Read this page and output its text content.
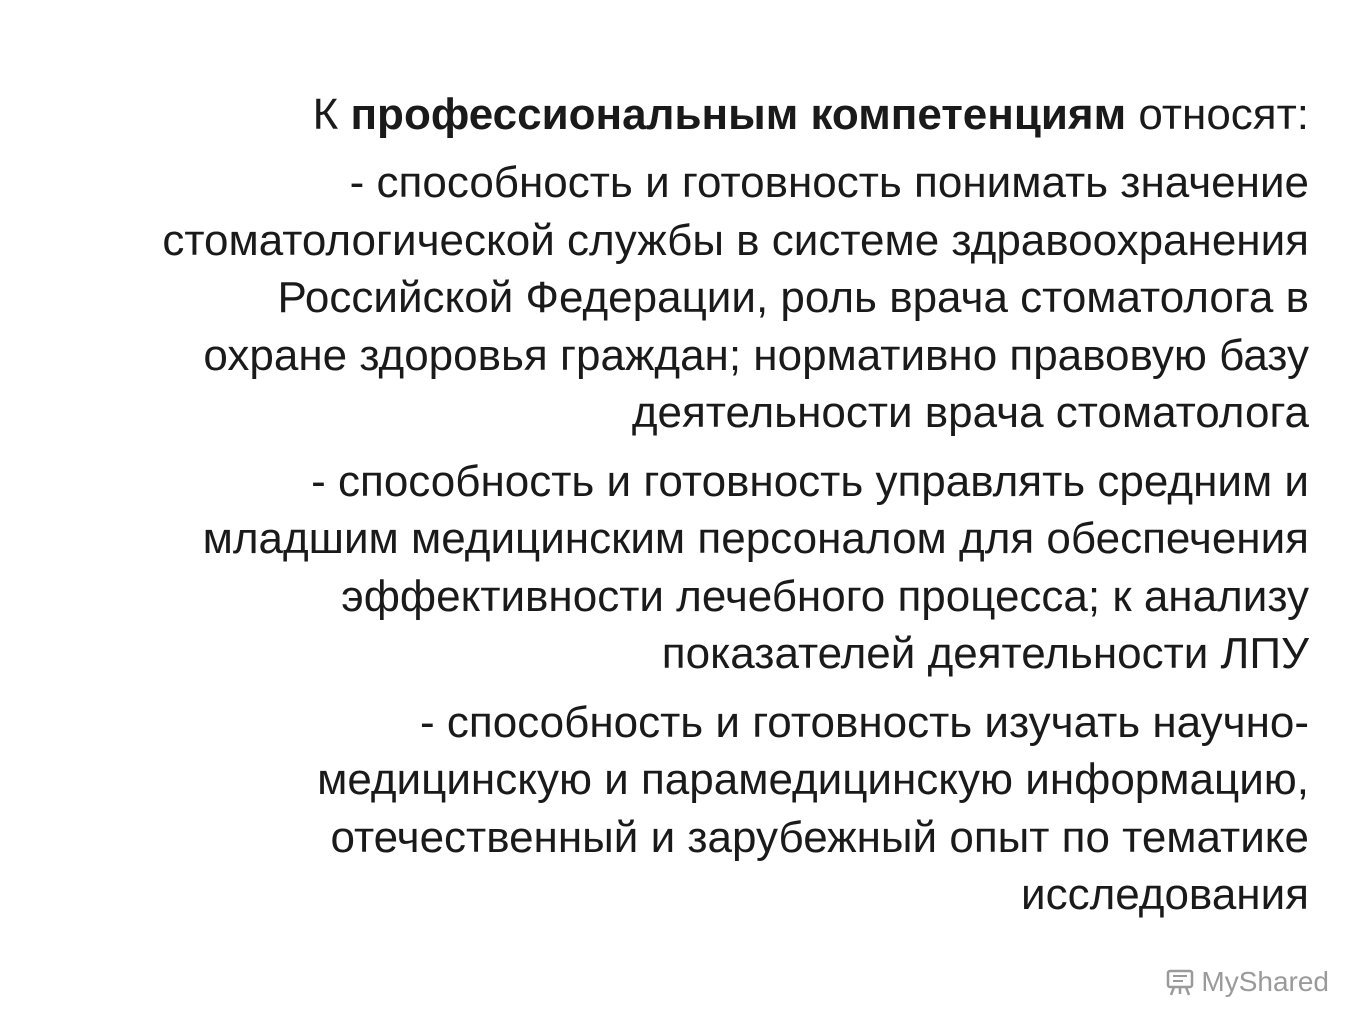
К профессиональным компетенциям относят:
- способность и готовность понимать значение
стоматологической службы в системе здравоохранения
Российской Федерации, роль врача стоматолога в
охране здоровья граждан; нормативно правовую базу
деятельности врача стоматолога
- способность и готовность управлять средним и
младшим медицинским персоналом для обеспечения
эффективности лечебного процесса; к анализу
показателей деятельности ЛПУ
- способность и готовность изучать научно-
медицинскую и парамедицинскую информацию,
отечественный и зарубежный опыт по тематике
исследования
MyShared
